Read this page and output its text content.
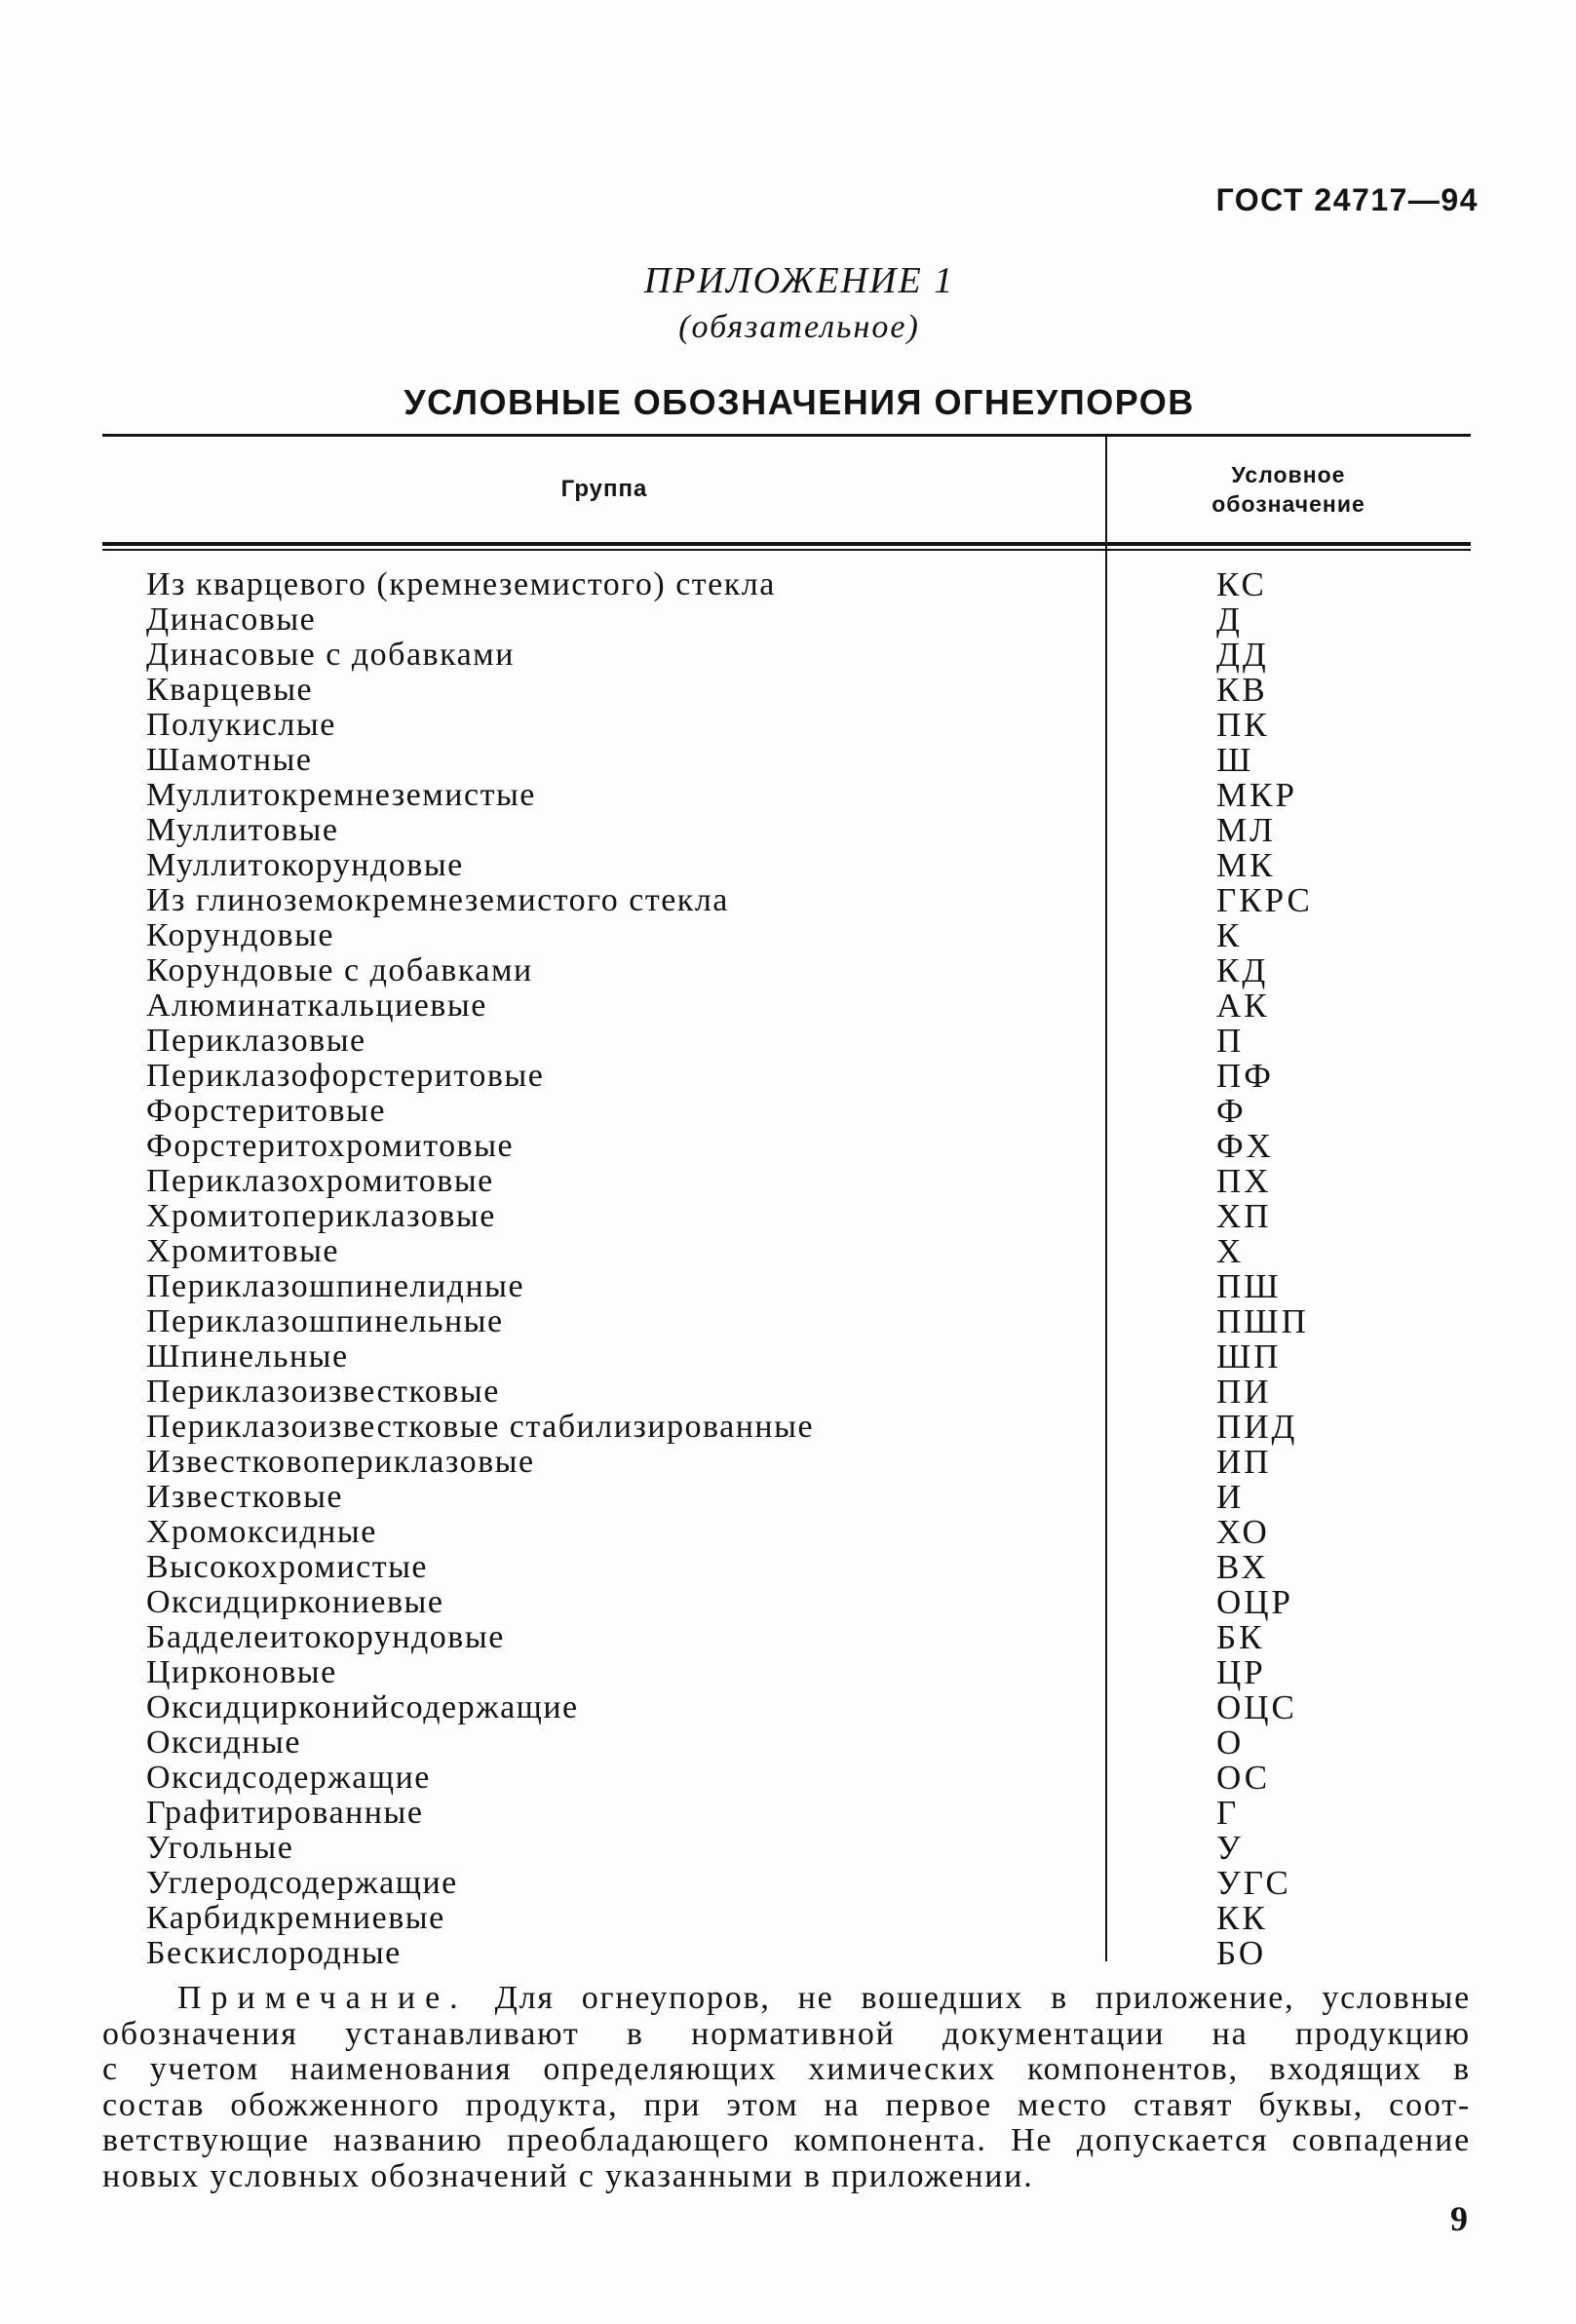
ГОСТ 24717—94
ПРИЛОЖЕНИЕ 1
(обязательное)
УСЛОВНЫЕ ОБОЗНАЧЕНИЯ ОГНЕУПОРОВ
Группа
Условное
обозначение
Из кварцевого (кремнеземистого) стекла	КС
Динасовые	Д
Динасовые с добавками	ДД
Кварцевые	КВ
Полукислые	ПК
Шамотные	Ш
Муллитокремнеземистые	МКР
Муллитовые	МЛ
Муллитокорундовые	МК
Из глиноземокремнеземистого стекла	ГКРС
Корундовые	К
Корундовые с добавками	КД
Алюминаткальциевые	АК
Периклазовые	П
Периклазофорстеритовые	ПФ
Форстеритовые	Ф
Форстеритохромитовые	ФХ
Периклазохромитовые	ПХ
Хромитопериклазовые	ХП
Хромитовые	Х
Периклазошпинелидные	ПШ
Периклазошпинельные	ПШП
Шпинельные	ШП
Периклазоизвестковые	ПИ
Периклазоизвестковые стабилизированные	ПИД
Известковопериклазовые	ИП
Известковые	И
Хромоксидные	ХО
Высокохромистые	ВХ
Оксидциркониевые	ОЦР
Бадделеитокорундовые	БК
Цирконовые	ЦР
Оксидцирконийсодержащие	ОЦС
Оксидные	О
Оксидсодержащие	ОС
Графитированные	Г
Угольные	У
Углеродсодержащие	УГС
Карбидкремниевые	КК
Бескислородные	БО
Примечание. Для огнеупоров, не вошедших в приложение, условные
обозначения устанавливают в нормативной документации на продукцию
с учетом наименования определяющих химических компонентов, входящих в
состав обожженного продукта, при этом на первое место ставят буквы, соот-
ветствующие названию преобладающего компонента. Не допускается совпадение
новых условных обозначений с указанными в приложении.
9
